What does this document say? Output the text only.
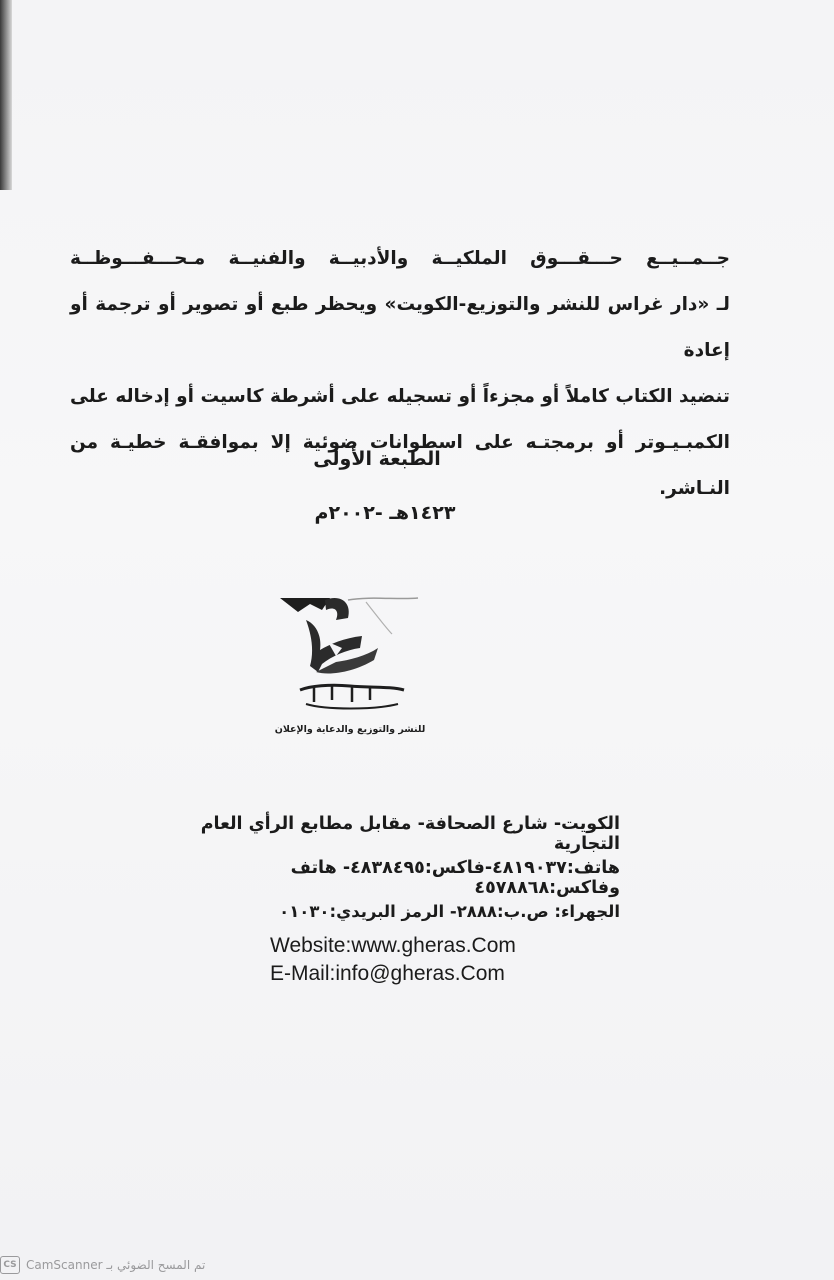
جــمــيــع حـــقـــوق الملكيــة والأدبيــة والفنيــة مـحـــفـــوظــة

لـ «دار غراس للنشر والتوزيع-الكويت» ويحظر طبع أو تصوير أو ترجمة أو إعادة

تنضيد الكتاب كاملاً أو مجزءاً أو تسجيله على أشرطة كاسيت أو إدخاله على

الكمبـيـوتر أو برمجتـه على اسطوانات ضوئية إلا بموافقـة خطيـة من النـاشر.

الطبعة الأولى
١٤٢٣هـ -٢٠٠٢م
للنشر والتوزيع والدعاية والإعلان
الكويت- شارع الصحافة- مقابل مطابع الرأي العام التجارية
هاتف:٤٨١٩٠٣٧-فاكس:٤٨٣٨٤٩٥- هاتف وفاكس:٤٥٧٨٨٦٨
الجهراء: ص.ب:٢٨٨٨- الرمز البريدي:٠١٠٣٠
Website:www.gheras.Com
E-Mail:info@gheras.Com
CS تم المسح الضوئي بـ CamScanner
